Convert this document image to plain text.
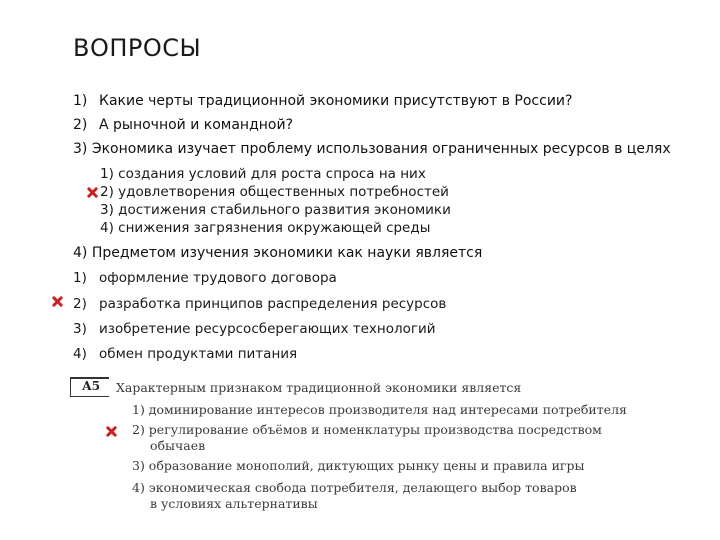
ВОПРОСЫ
1) Какие черты традиционной экономики присутствуют в России?
2) А рыночной и командной?
3) Экономика изучает проблему использования ограниченных ресурсов в целях
1) создания условий для роста спроса на них
2) удовлетворения общественных потребностей
3) достижения стабильного развития экономики
4) снижения загрязнения окружающей среды
4) Предметом изучения экономики как науки является
1) оформление трудового договора
2) разработка принципов распределения ресурсов
3) изобретение ресурсосберегающих технологий
4) обмен продуктами питания
А5 Характерным признаком традиционной экономики является
1) доминирование интересов производителя над интересами потребителя
2) регулирование объёмов и номенклатуры производства посредством
обычаев
3) образование монополий, диктующих рынку цены и правила игры
4) экономическая свобода потребителя, делающего выбор товаров
в условиях альтернативы
